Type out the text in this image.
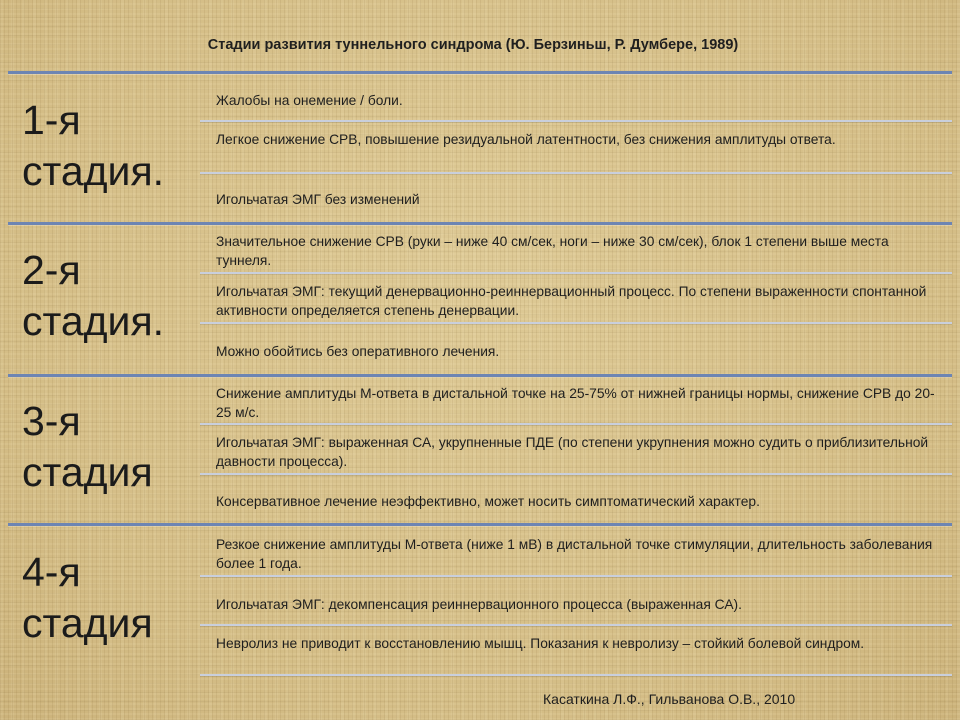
Стадии развития туннельного синдрома (Ю. Берзиньш, Р. Думбере, 1989)
1-я
стадия.
Жалобы на онемение / боли.
Легкое снижение СРВ, повышение резидуальной латентности, без снижения амплитуды ответа.
Игольчатая ЭМГ без изменений
2-я
стадия.
Значительное снижение СРВ (руки – ниже 40 см/сек, ноги – ниже 30 см/сек), блок 1 степени выше места туннеля.
Игольчатая ЭМГ: текущий денервационно-реиннервационный процесс. По степени выраженности спонтанной активности определяется степень денервации.
Можно обойтись без оперативного лечения.
3-я
стадия
Снижение амплитуды М-ответа в дистальной точке на 25-75% от нижней границы нормы, снижение СРВ до 20-25 м/с.
Игольчатая ЭМГ: выраженная СА, укрупненные ПДЕ (по степени укрупнения можно судить о приблизительной давности процесса).
Консервативное лечение неэффективно, может носить симптоматический характер.
4-я
стадия
Резкое снижение амплитуды М-ответа (ниже 1 мВ) в дистальной точке стимуляции, длительность заболевания более 1 года.
Игольчатая ЭМГ: декомпенсация реиннервационного процесса (выраженная СА).
Невролиз не приводит к восстановлению мышц. Показания к невролизу – стойкий болевой синдром.
Касаткина Л.Ф., Гильванова О.В., 2010
